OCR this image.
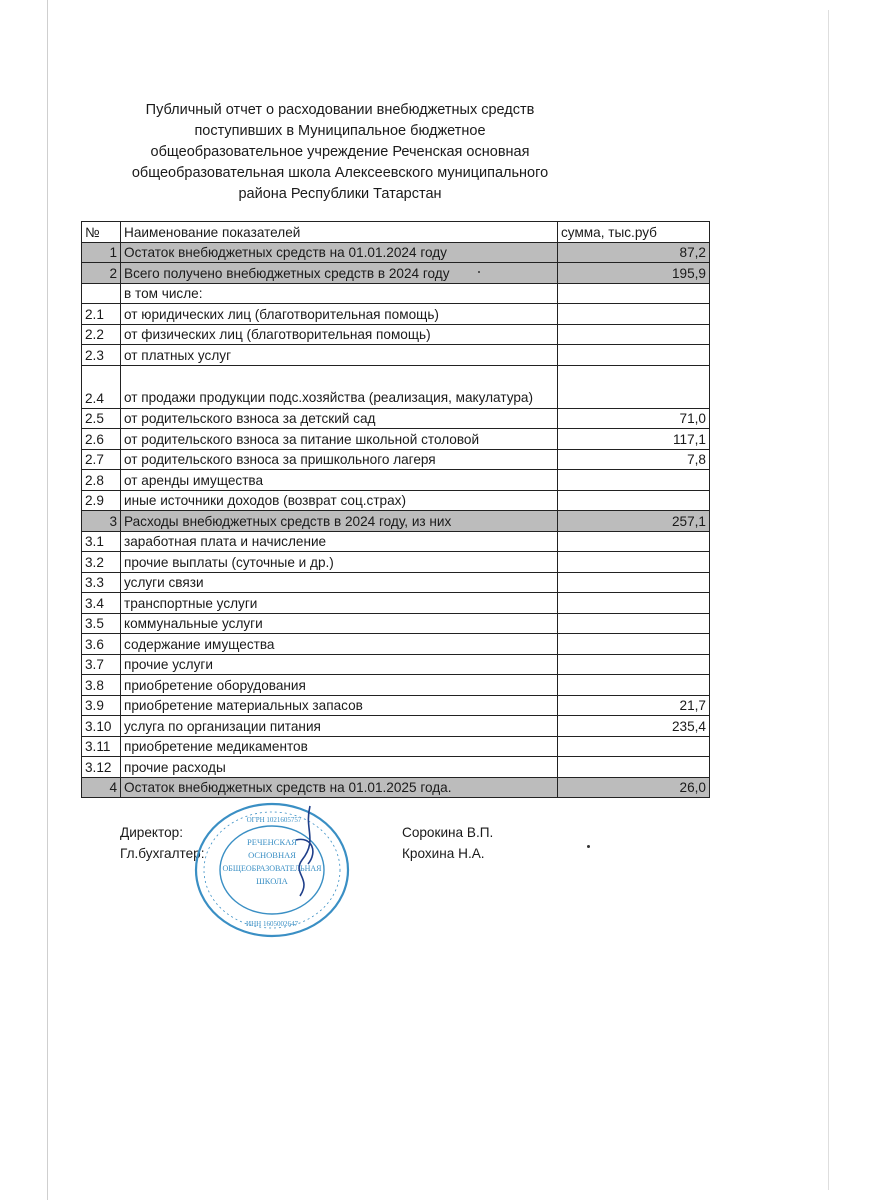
Публичный отчет о расходовании внебюджетных средств
поступивших в Муниципальное бюджетное
общеобразовательное учреждение Реченская основная
общеобразовательная школа Алексеевского муниципального
района Республики Татарстан
№	Наименование показателей	сумма, тыс.руб
1	Остаток внебюджетных средств на 01.01.2024 году	87,2
2	Всего получено внебюджетных средств в 2024 году	195,9
	в том числе:	
2.1	от юридических лиц (благотворительная помощь)	
2.2	от физических лиц (благотворительная помощь)	
2.3	от платных услуг	
2.4	от продажи продукции подс.хозяйства (реализация, макулатура)	
2.5	от родительского взноса за детский сад	71,0
2.6	от родительского взноса за питание школьной столовой	117,1
2.7	от родительского взноса за пришкольного лагеря	7,8
2.8	от аренды имущества	
2.9	иные источники доходов (возврат соц.страх)	
3	Расходы внебюджетных средств в 2024 году, из них	257,1
3.1	заработная плата и начисление	
3.2	прочие выплаты (суточные и др.)	
3.3	услуги связи	
3.4	транспортные услуги	
3.5	коммунальные услуги	
3.6	содержание имущества	
3.7	прочие услуги	
3.8	приобретение оборудования	
3.9	приобретение материальных запасов	21,7
3.10	услуга по организации питания	235,4
3.11	приобретение медикаментов	
3.12	прочие расходы	
4	Остаток внебюджетных средств на 01.01.2025 года.	26,0
Директор:
Гл.бухгалтер:
Сорокина В.П.
Крохина Н.А.
РЕЧЕНСКАЯ
ОСНОВНАЯ
ОБЩЕОБРАЗОВАТЕЛЬНАЯ
ШКОЛА
ОГРН 1021605757
ИНН 1605002647
